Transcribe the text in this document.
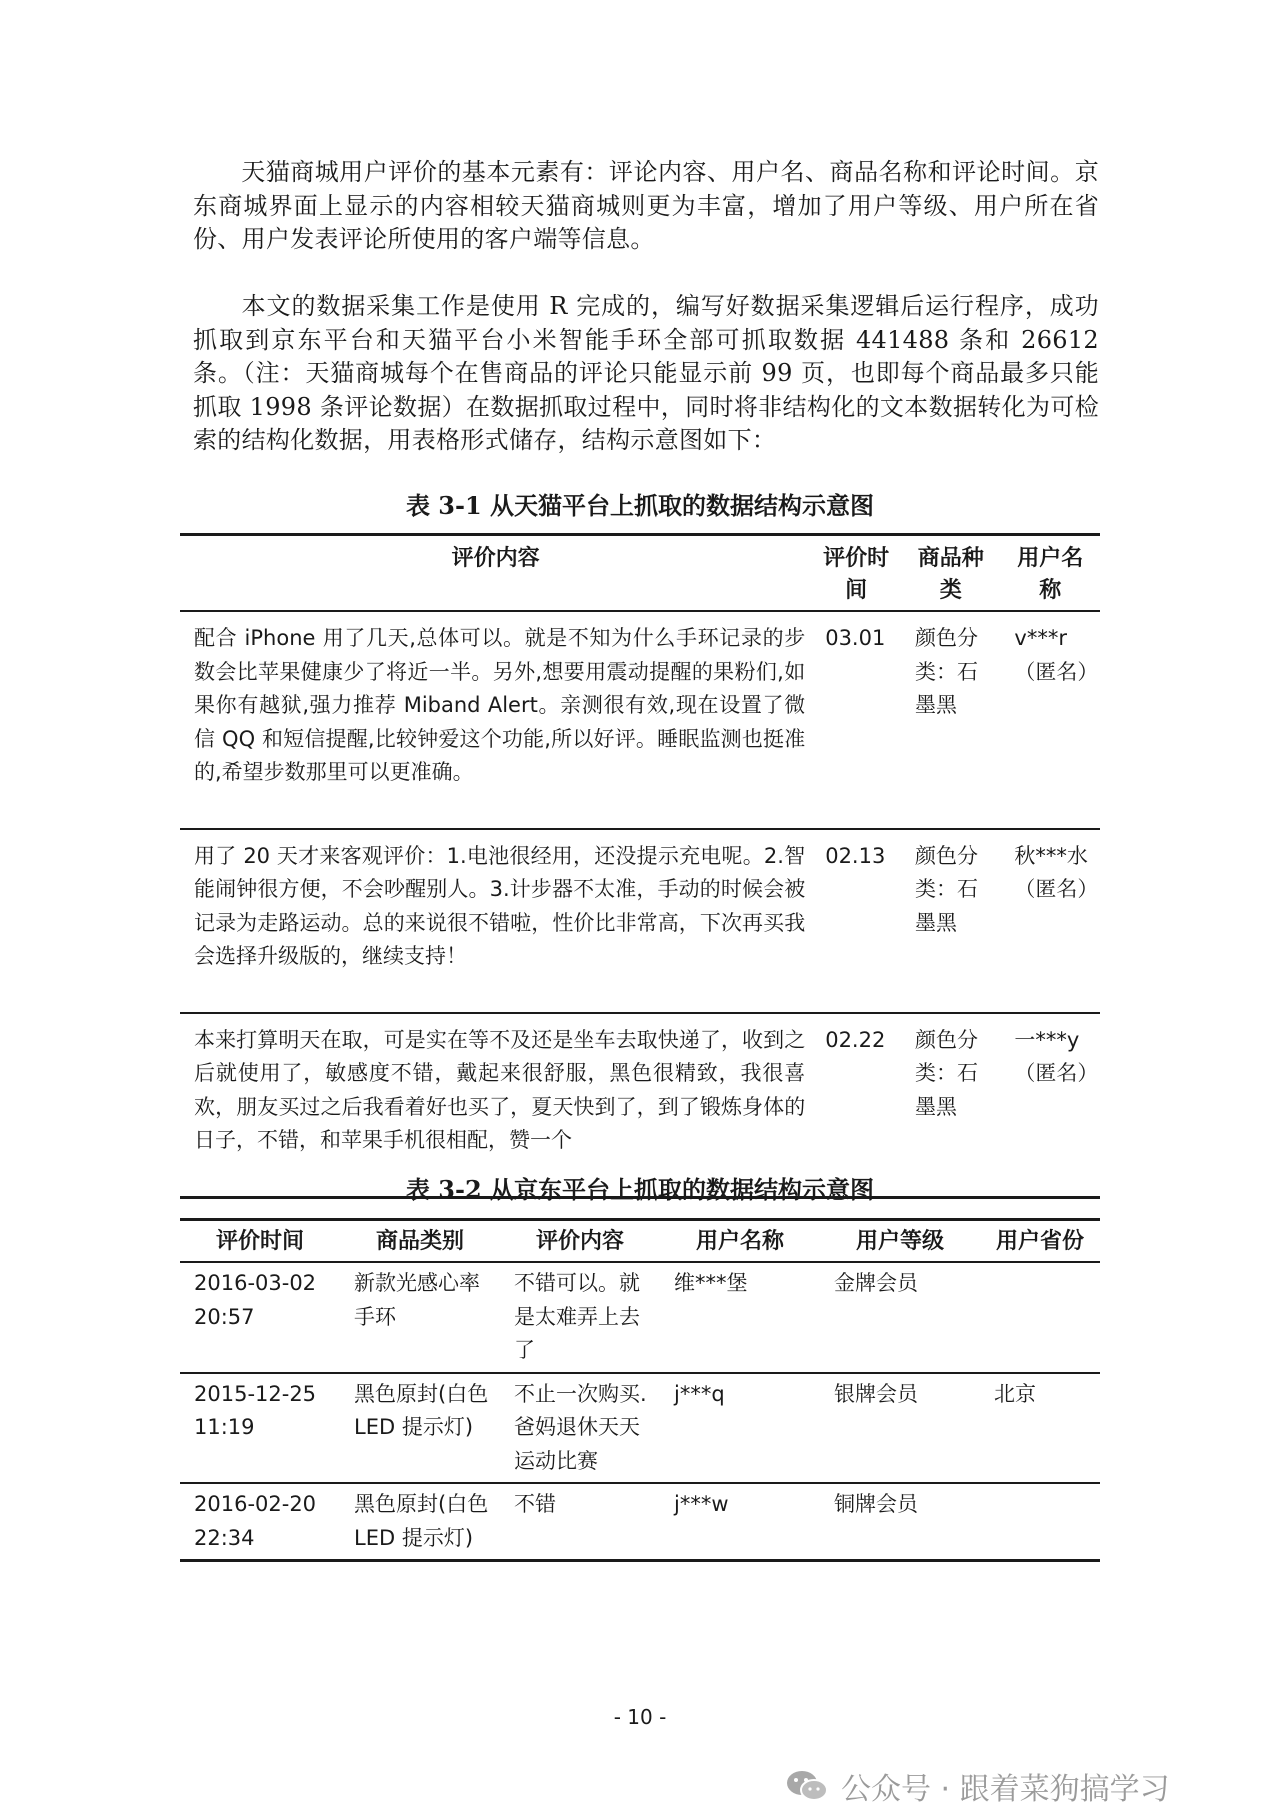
天猫商城用户评价的基本元素有：评论内容、用户名、商品名称和评论时间。京东商城界面上显示的内容相较天猫商城则更为丰富，增加了用户等级、用户所在省份、用户发表评论所使用的客户端等信息。

本文的数据采集工作是使用 R 完成的，编写好数据采集逻辑后运行程序，成功抓取到京东平台和天猫平台小米智能手环全部可抓取数据 441488 条和 26612 条。（注：天猫商城每个在售商品的评论只能显示前 99 页，也即每个商品最多只能抓取 1998 条评论数据）在数据抓取过程中，同时将非结构化的文本数据转化为可检索的结构化数据，用表格形式储存，结构示意图如下：

表 3-1 从天猫平台上抓取的数据结构示意图

评价内容	评价时间	商品种类	用户名称
配合 iPhone 用了几天,总体可以。就是不知为什么手环记录的步数会比苹果健康少了将近一半。另外,想要用震动提醒的果粉们,如果你有越狱,强力推荐 Miband Alert。亲测很有效,现在设置了微信 QQ 和短信提醒,比较钟爱这个功能,所以好评。睡眠监测也挺准的,希望步数那里可以更准确。	03.01	颜色分类：石墨黑	v***r（匿名）
用了 20 天才来客观评价：1.电池很经用，还没提示充电呢。2.智能闹钟很方便，不会吵醒别人。3.计步器不太准，手动的时候会被记录为走路运动。总的来说很不错啦，性价比非常高，下次再买我会选择升级版的，继续支持！	02.13	颜色分类：石墨黑	秋***水（匿名）
本来打算明天在取，可是实在等不及还是坐车去取快递了，收到之后就使用了，敏感度不错，戴起来很舒服，黑色很精致，我很喜欢，朋友买过之后我看着好也买了，夏天快到了，到了锻炼身体的日子，不错，和苹果手机很相配，赞一个	02.22	颜色分类：石墨黑	一***y（匿名）

表 3-2 从京东平台上抓取的数据结构示意图

评价时间	商品类别	评价内容	用户名称	用户等级	用户省份
2016-03-02 20:57	新款光感心率手环	不错可以。就是太难弄上去了	维***堡	金牌会员	
2015-12-25 11:19	黑色原封(白色 LED 提示灯)	不止一次购买.爸妈退休天天运动比赛	j***q	银牌会员	北京
2016-02-20 22:34	黑色原封(白色 LED 提示灯)	不错	j***w	铜牌会员	
- 10 -
公众号 · 跟着菜狗搞学习
